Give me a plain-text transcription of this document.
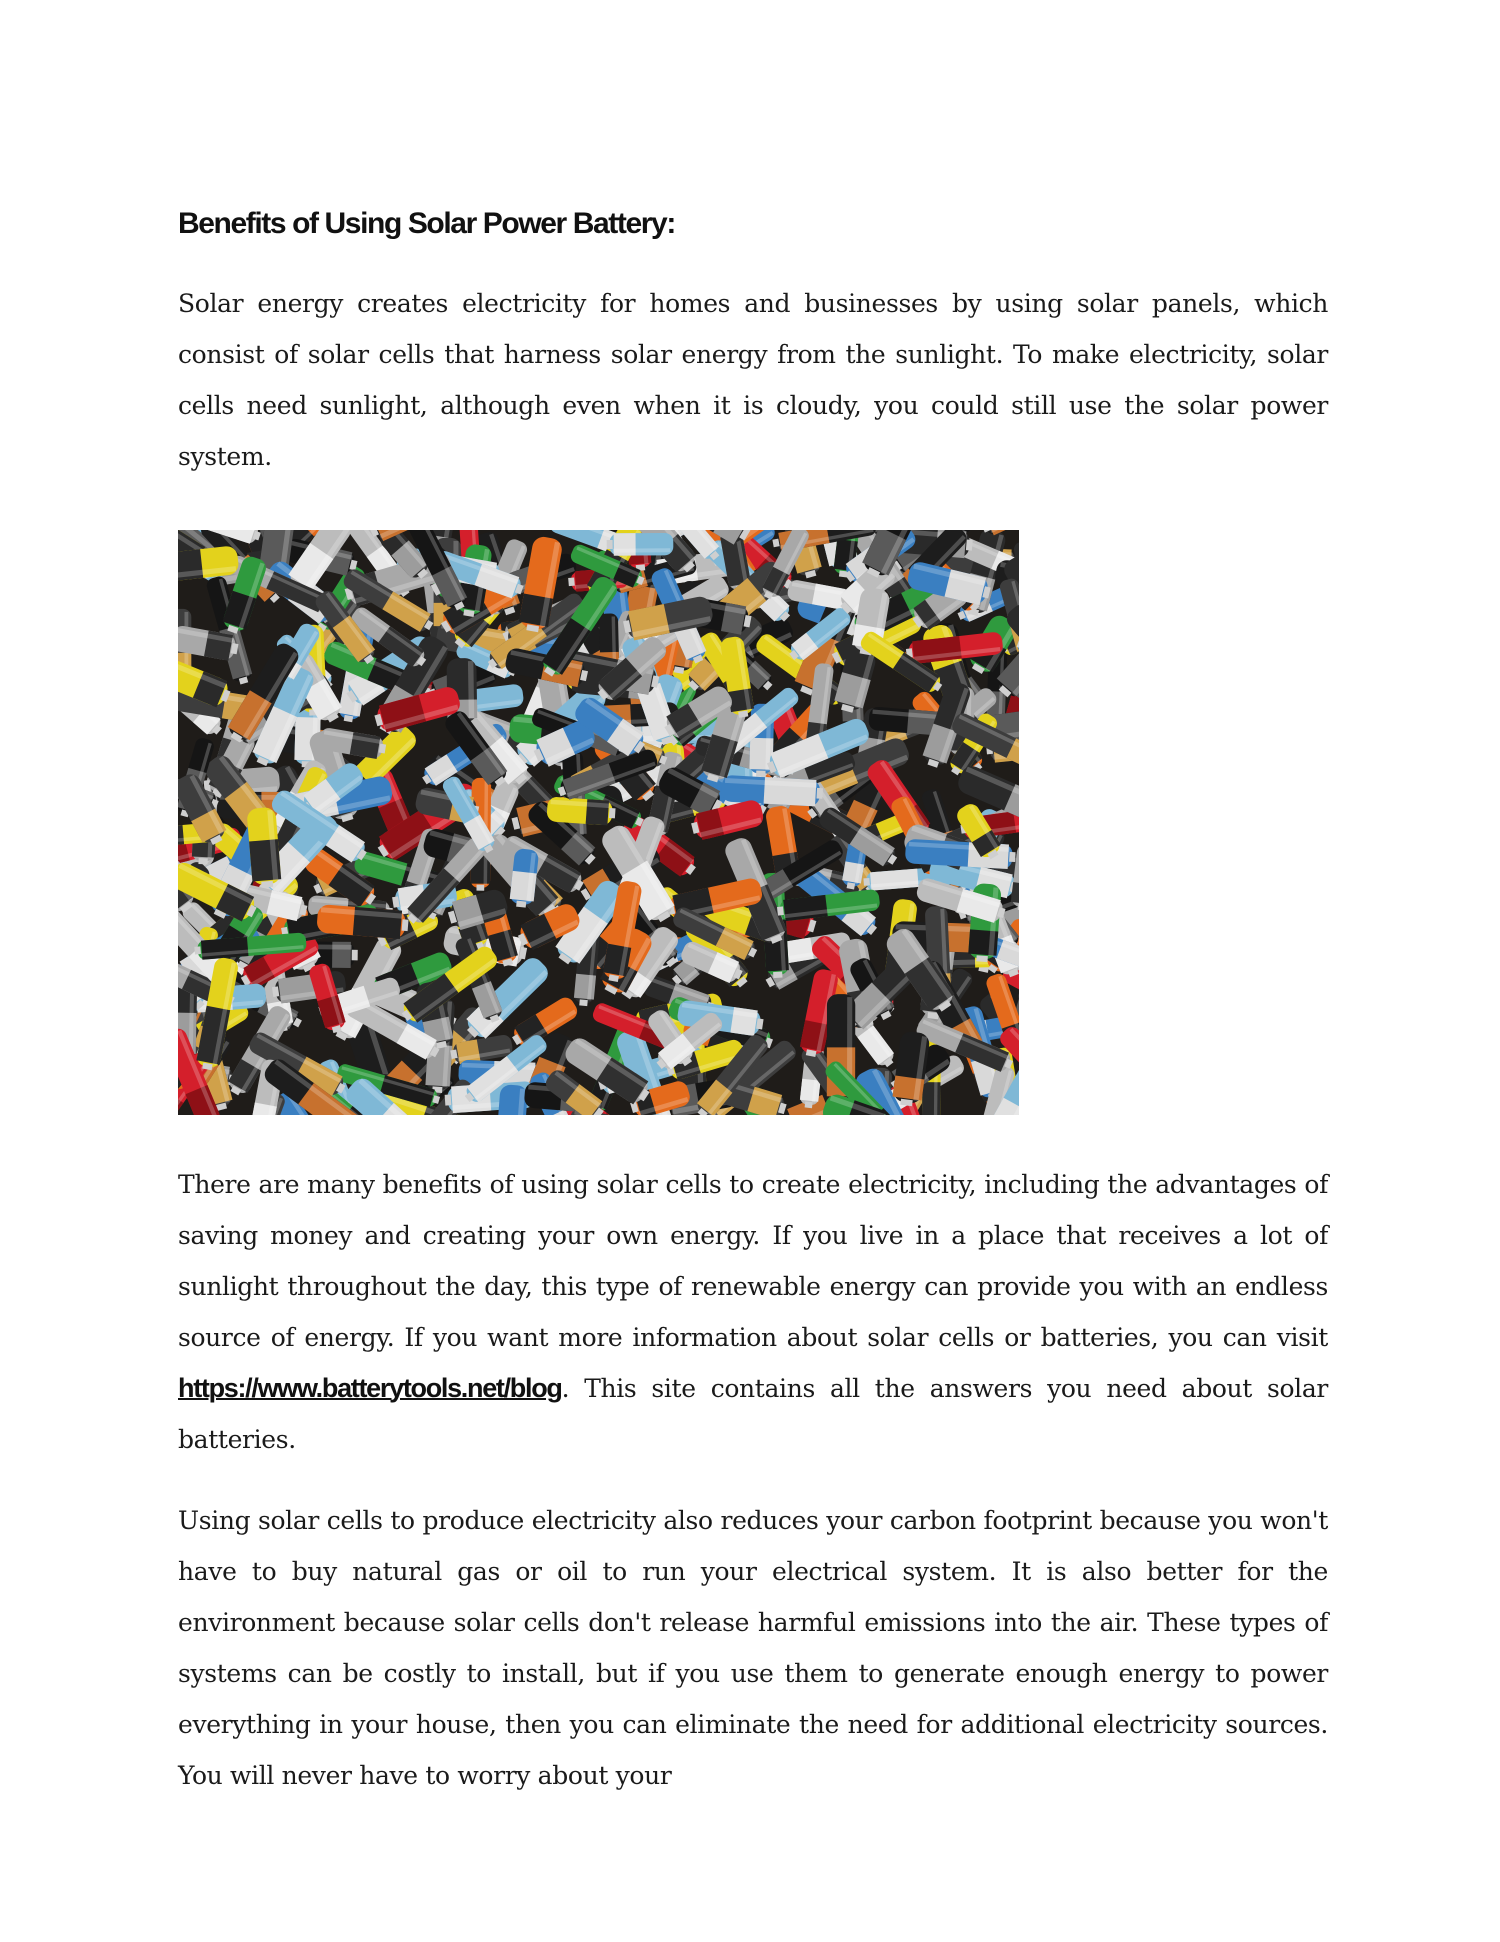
Benefits of Using Solar Power Battery:

Solar energy creates electricity for homes and businesses by using solar panels, which consist of solar cells that harness solar energy from the sunlight. To make electricity, solar cells need sunlight, although even when it is cloudy, you could still use the solar power system.

There are many benefits of using solar cells to create electricity, including the advantages of saving money and creating your own energy. If you live in a place that receives a lot of sunlight throughout the day, this type of renewable energy can provide you with an endless source of energy. If you want more information about solar cells or batteries, you can visit https://www.batterytools.net/blog. This site contains all the answers you need about solar batteries.

Using solar cells to produce electricity also reduces your carbon footprint because you won't have to buy natural gas or oil to run your electrical system. It is also better for the environment because solar cells don't release harmful emissions into the air. These types of systems can be costly to install, but if you use them to generate enough energy to power everything in your house, then you can eliminate the need for additional electricity sources. You will never have to worry about your
